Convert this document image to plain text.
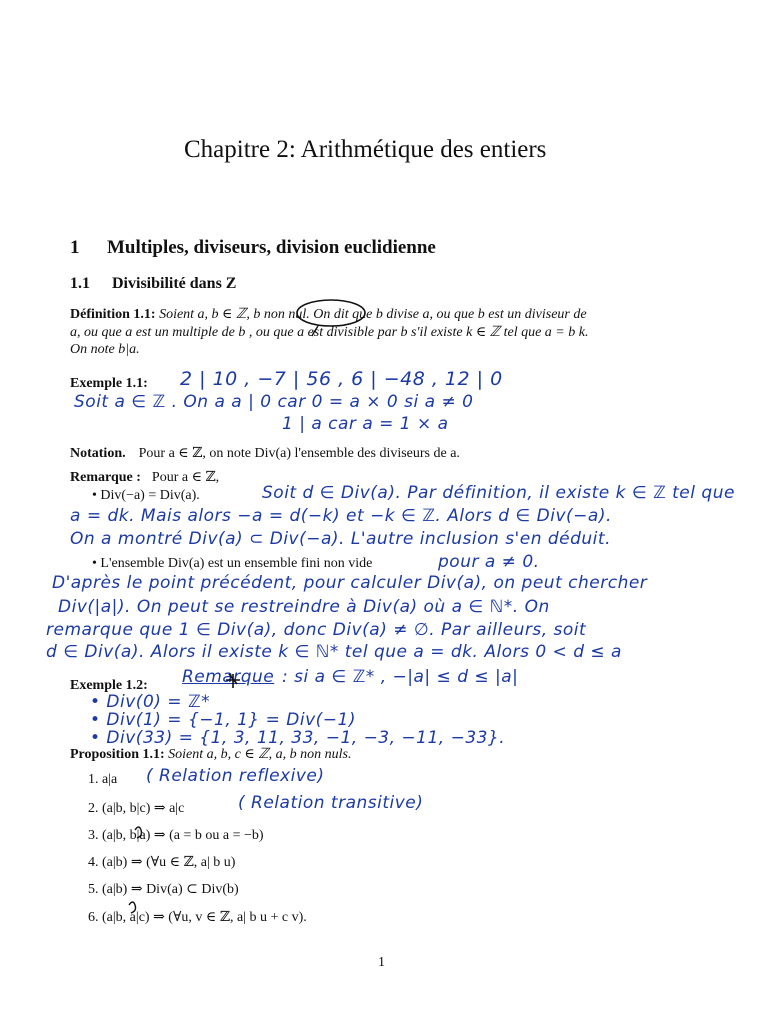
Chapitre 2: Arithmétique des entiers
1 Multiples, diviseurs, division euclidienne
1.1 Divisibilité dans Z
Définition 1.1: Soient a, b ∈ ℤ, b non nul. On dit que b divise a, ou que b est un diviseur de
a, ou que a est un multiple de b , ou que a est divisible par b s'il existe k ∈ ℤ tel que a = b k.
On note b|a.
Exemple 1.1: 2 | 10 , −7 | 56 , 6 | −48 , 12 | 0
Soit a ∈ ℤ . On a a | 0 car 0 = a × 0 si a ≠ 0
1 | a car a = 1 × a
Notation. Pour a ∈ ℤ, on note Div(a) l'ensemble des diviseurs de a.
Remarque : Pour a ∈ ℤ,
• Div(−a) = Div(a).	Soit d ∈ Div(a). Par définition, il existe k ∈ ℤ tel que
a = dk. Mais alors −a = d(−k) et −k ∈ ℤ. Alors d ∈ Div(−a).
On a montré Div(a) ⊂ Div(−a). L'autre inclusion s'en déduit.
• L'ensemble Div(a) est un ensemble fini non vide	pour a ≠ 0.
D'après le point précédent, pour calculer Div(a), on peut chercher
Div(|a|). On peut se restreindre à Div(a) où a ∈ ℕ*. On
remarque que 1 ∈ Div(a), donc Div(a) ≠ ∅. Par ailleurs, soit
d ∈ Div(a). Alors il existe k ∈ ℕ* tel que a = dk. Alors 0 < d ≤ a
Remarque : si a ∈ ℤ* , −|a| ≤ d ≤ |a|
Exemple 1.2:
• Div(0) = ℤ*
• Div(1) = {−1, 1} = Div(−1)
• Div(33) = {1, 3, 11, 33, −1, −3, −11, −33}.
Proposition 1.1: Soient a, b, c ∈ ℤ, a, b non nuls.
1. a|a ( Relation reflexive)
2. (a|b, b|c) ⇒ a|c	( Relation transitive)
3. (a|b, b|a) ⇒ (a = b ou a = −b)
4. (a|b) ⇒ (∀u ∈ ℤ, a| b u)
5. (a|b) ⇒ Div(a) ⊂ Div(b)
6. (a|b, a|c) ⇒ (∀u, v ∈ ℤ, a| b u + c v).
1
